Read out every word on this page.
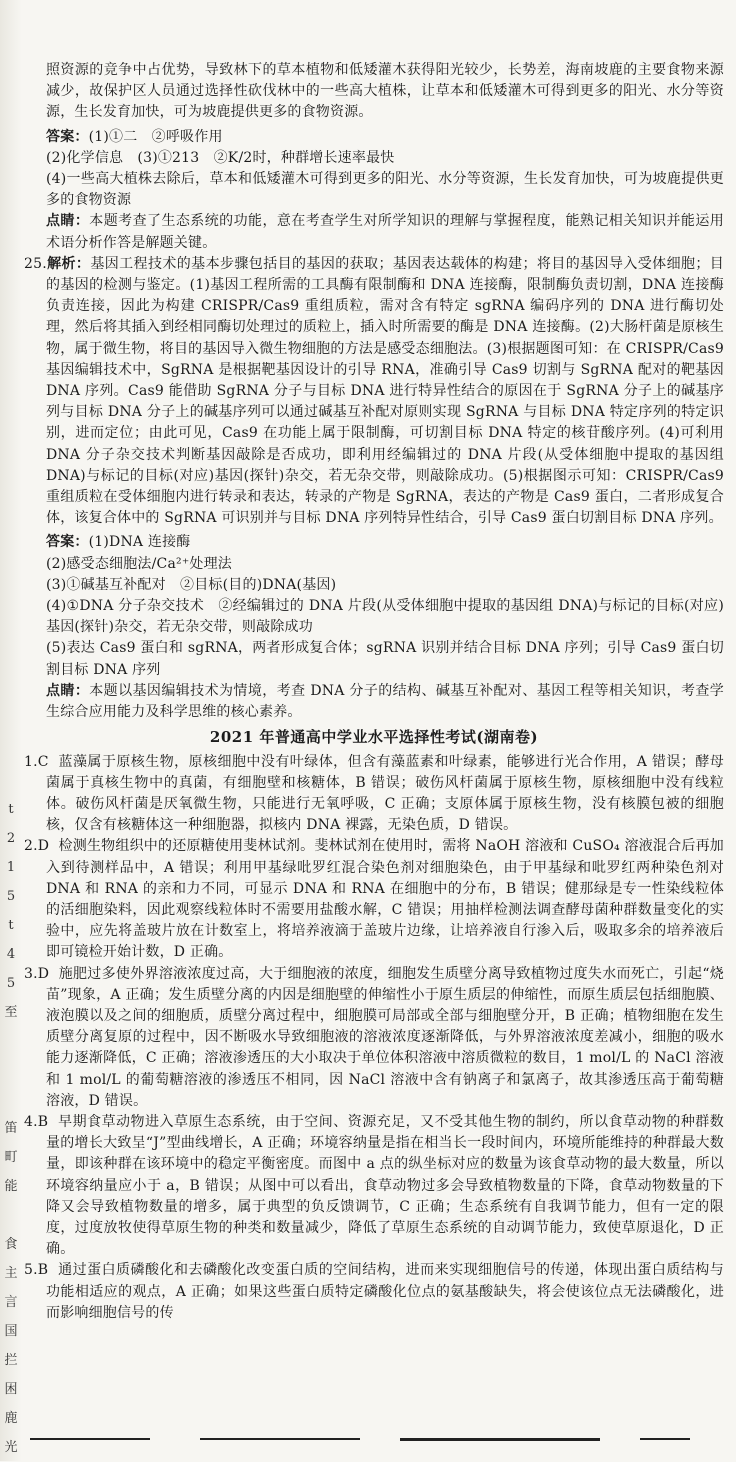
t
2
1
5
t
4
5
至

笛
町
能

食
主
言
国
拦
困
鹿
光

照资源的竞争中占优势，导致林下的草本植物和低矮灌木获得阳光较少，长势差，海南坡鹿的主要食物来源减少，故保护区人员通过选择性砍伐林中的一些高大植株，让草本和低矮灌木可得到更多的阳光、水分等资源，生长发育加快，可为坡鹿提供更多的食物资源。

答案：(1)①二　②呼吸作用

(2)化学信息　(3)①213　②K/2时，种群增长速率最快

(4)一些高大植株去除后，草本和低矮灌木可得到更多的阳光、水分等资源，生长发育加快，可为坡鹿提供更多的食物资源

点睛：本题考查了生态系统的功能，意在考查学生对所学知识的理解与掌握程度，能熟记相关知识并能运用术语分析作答是解题关键。

25.解析：基因工程技术的基本步骤包括目的基因的获取；基因表达载体的构建；将目的基因导入受体细胞；目的基因的检测与鉴定。(1)基因工程所需的工具酶有限制酶和 DNA 连接酶，限制酶负责切割，DNA 连接酶负责连接，因此为构建 CRISPR/Cas9 重组质粒，需对含有特定 sgRNA 编码序列的 DNA 进行酶切处理，然后将其插入到经相同酶切处理过的质粒上，插入时所需要的酶是 DNA 连接酶。(2)大肠杆菌是原核生物，属于微生物，将目的基因导入微生物细胞的方法是感受态细胞法。(3)根据题图可知：在 CRISPR/Cas9 基因编辑技术中，SgRNA 是根据靶基因设计的引导 RNA，准确引导 Cas9 切割与 SgRNA 配对的靶基因 DNA 序列。Cas9 能借助 SgRNA 分子与目标 DNA 进行特异性结合的原因在于 SgRNA 分子上的碱基序列与目标 DNA 分子上的碱基序列可以通过碱基互补配对原则实现 SgRNA 与目标 DNA 特定序列的特定识别，进而定位；由此可见，Cas9 在功能上属于限制酶，可切割目标 DNA 特定的核苷酸序列。(4)可利用 DNA 分子杂交技术判断基因敲除是否成功，即利用经编辑过的 DNA 片段(从受体细胞中提取的基因组 DNA)与标记的目标(对应)基因(探针)杂交，若无杂交带，则敲除成功。(5)根据图示可知：CRISPR/Cas9 重组质粒在受体细胞内进行转录和表达，转录的产物是 SgRNA，表达的产物是 Cas9 蛋白，二者形成复合体，该复合体中的 SgRNA 可识别并与目标 DNA 序列特异性结合，引导 Cas9 蛋白切割目标 DNA 序列。

答案：(1)DNA 连接酶

(2)感受态细胞法/Ca²⁺处理法

(3)①碱基互补配对　②目标(目的)DNA(基因)

(4)①DNA 分子杂交技术　②经编辑过的 DNA 片段(从受体细胞中提取的基因组 DNA)与标记的目标(对应)基因(探针)杂交，若无杂交带，则敲除成功

(5)表达 Cas9 蛋白和 sgRNA，两者形成复合体；sgRNA 识别并结合目标 DNA 序列；引导 Cas9 蛋白切割目标 DNA 序列

点睛：本题以基因编辑技术为情境，考查 DNA 分子的结构、碱基互补配对、基因工程等相关知识，考查学生综合应用能力及科学思维的核心素养。

2021 年普通高中学业水平选择性考试(湖南卷)

1.C 蓝藻属于原核生物，原核细胞中没有叶绿体，但含有藻蓝素和叶绿素，能够进行光合作用，A 错误；酵母菌属于真核生物中的真菌，有细胞壁和核糖体，B 错误；破伤风杆菌属于原核生物，原核细胞中没有线粒体。破伤风杆菌是厌氧微生物，只能进行无氧呼吸，C 正确；支原体属于原核生物，没有核膜包被的细胞核，仅含有核糖体这一种细胞器，拟核内 DNA 裸露，无染色质，D 错误。

2.D 检测生物组织中的还原糖使用斐林试剂。斐林试剂在使用时，需将 NaOH 溶液和 CuSO₄ 溶液混合后再加入到待测样品中，A 错误；利用甲基绿吡罗红混合染色剂对细胞染色，由于甲基绿和吡罗红两种染色剂对 DNA 和 RNA 的亲和力不同，可显示 DNA 和 RNA 在细胞中的分布，B 错误；健那绿是专一性染线粒体的活细胞染料，因此观察线粒体时不需要用盐酸水解，C 错误；用抽样检测法调查酵母菌种群数量变化的实验中，应先将盖玻片放在计数室上，将培养液滴于盖玻片边缘，让培养液自行渗入后，吸取多余的培养液后即可镜检开始计数，D 正确。

3.D 施肥过多使外界溶液浓度过高，大于细胞液的浓度，细胞发生质壁分离导致植物过度失水而死亡，引起“烧苗”现象，A 正确；发生质壁分离的内因是细胞壁的伸缩性小于原生质层的伸缩性，而原生质层包括细胞膜、液泡膜以及之间的细胞质，质壁分离过程中，细胞膜可局部或全部与细胞壁分开，B 正确；植物细胞在发生质壁分离复原的过程中，因不断吸水导致细胞液的溶液浓度逐渐降低，与外界溶液浓度差减小，细胞的吸水能力逐渐降低，C 正确；溶液渗透压的大小取决于单位体积溶液中溶质微粒的数目，1 mol/L 的 NaCl 溶液和 1 mol/L 的葡萄糖溶液的渗透压不相同，因 NaCl 溶液中含有钠离子和氯离子，故其渗透压高于葡萄糖溶液，D 错误。

4.B 早期食草动物进入草原生态系统，由于空间、资源充足，又不受其他生物的制约，所以食草动物的种群数量的增长大致呈“J”型曲线增长，A 正确；环境容纳量是指在相当长一段时间内，环境所能维持的种群最大数量，即该种群在该环境中的稳定平衡密度。而图中 a 点的纵坐标对应的数量为该食草动物的最大数量，所以环境容纳量应小于 a，B 错误；从图中可以看出，食草动物过多会导致植物数量的下降，食草动物数量的下降又会导致植物数量的增多，属于典型的负反馈调节，C 正确；生态系统有自我调节能力，但有一定的限度，过度放牧使得草原生物的种类和数量减少，降低了草原生态系统的自动调节能力，致使草原退化，D 正确。

5.B 通过蛋白质磷酸化和去磷酸化改变蛋白质的空间结构，进而来实现细胞信号的传递，体现出蛋白质结构与功能相适应的观点，A 正确；如果这些蛋白质特定磷酸化位点的氨基酸缺失，将会使该位点无法磷酸化，进而影响细胞信号的传
